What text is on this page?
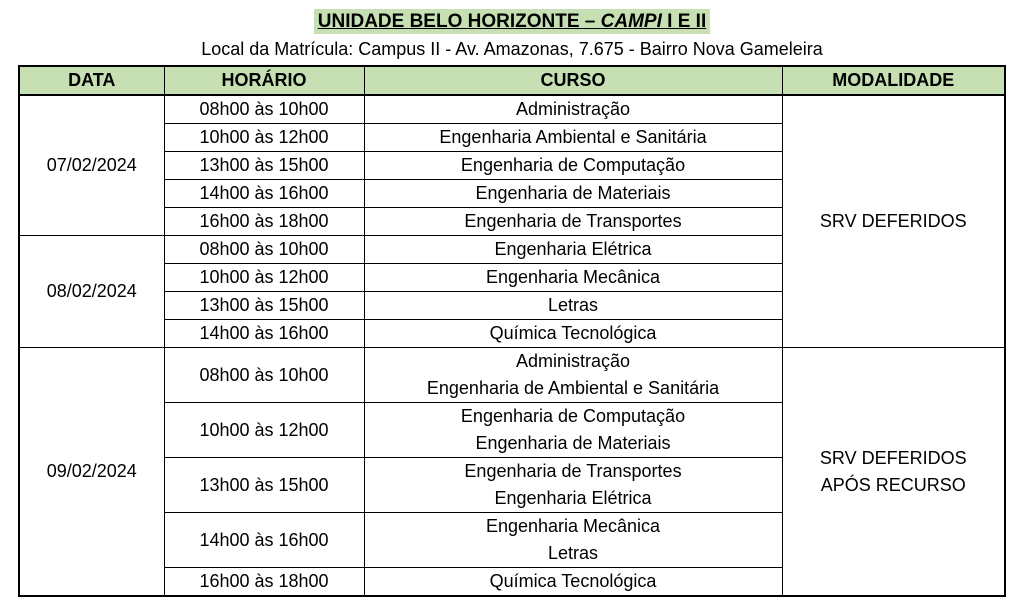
UNIDADE BELO HORIZONTE – CAMPI I E II
Local da Matrícula: Campus II - Av. Amazonas, 7.675 - Bairro Nova Gameleira
DATA	HORÁRIO	CURSO	MODALIDADE
07/02/2024	08h00 às 10h00	Administração	SRV DEFERIDOS
	10h00 às 12h00	Engenharia Ambiental e Sanitária	

	13h00 às 15h00	Engenharia de Computação	

	14h00 às 16h00	Engenharia de Materiais	

	16h00 às 18h00	Engenharia de Transportes	

08/02/2024	08h00 às 10h00	Engenharia Elétrica	

	10h00 às 12h00	Engenharia Mecânica	

	13h00 às 15h00	Letras	

	14h00 às 16h00	Química Tecnológica	

09/02/2024	08h00 às 10h00	Administração
Engenharia de Ambiental e Sanitária	SRV DEFERIDOS APÓS RECURSO

	10h00 às 12h00	Engenharia de Computação
Engenharia de Materiais	

	13h00 às 15h00	Engenharia de Transportes
Engenharia Elétrica	

	14h00 às 16h00	Engenharia Mecânica
Letras	

	16h00 às 18h00	Química Tecnológica	
